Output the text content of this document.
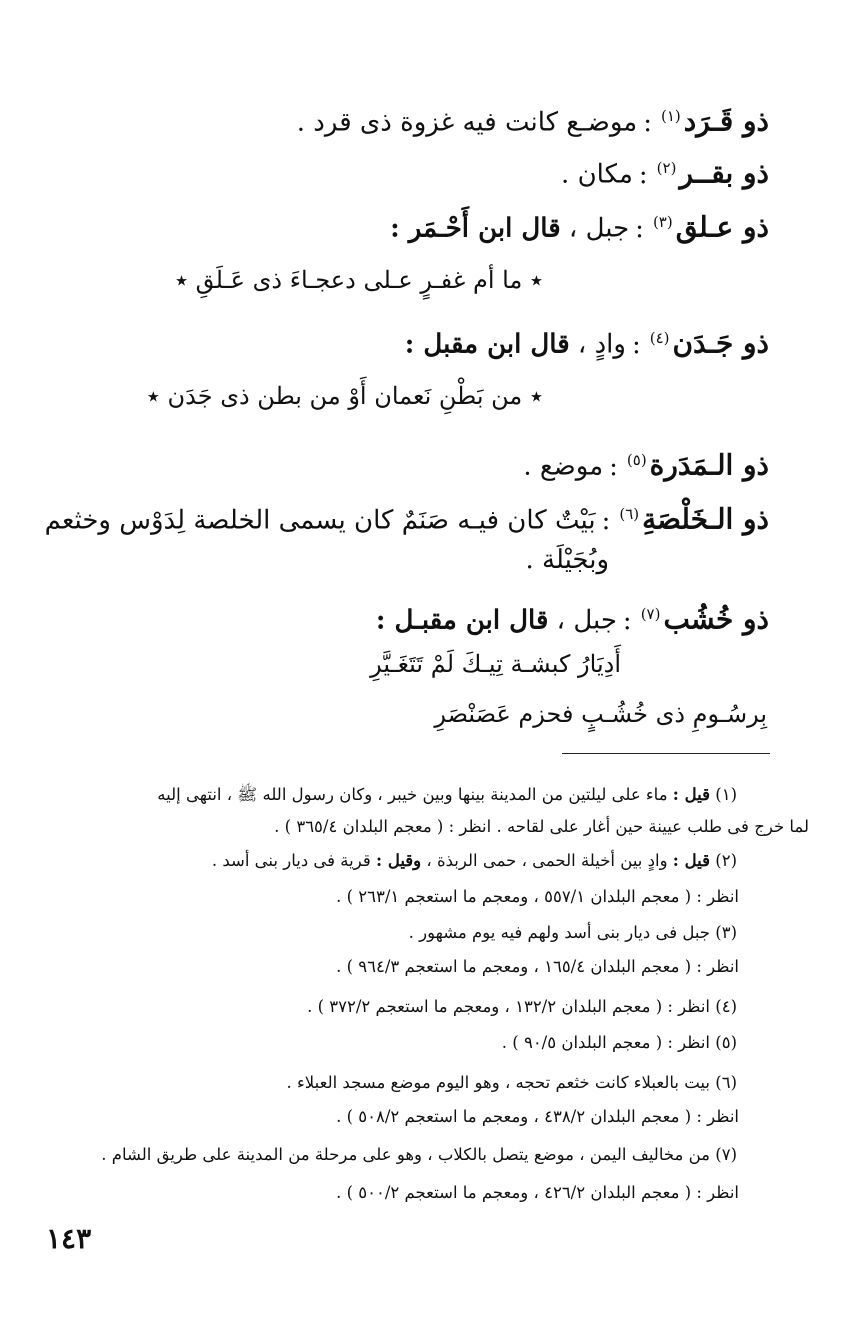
ذو قَـرَد$^{(١)}$:موضـع كانت فيه غزوة ذى قرد .
ذو بقــر$^{(٢)}$:مكان .
ذو عـلق$^{(٣)}$:جبل ، قال ابن أَحْـمَر :
٭ ما أم غفـرٍ عـلى دعجـاءَ ذى عَـلَقِ ٭
ذو جَـدَن$^{(٤)}$:وادٍ ، قال ابن مقبل :
٭ من بَطْنِ نَعمان أَوْ من بطن ذى جَدَن ٭
ذو الـمَدَرة$^{(٥)}$:موضع .
ذو الـخَلْصَةِ$^{(٦)}$:بَيْتٌ كان فيـه صَنَمٌ كان يسمى الخلصة لِدَوْس وخثعم
وبُجَيْلَة .
ذو خُشُب$^{(٧)}$:جبل ، قال ابن مقبـل :
أَدِيَارُ كبشـة تِيـكَ لَمْ تَتَغَـيَّرِ
بِرسُـومِ ذى خُشُـبٍ فحزم عَصَنْصَرِ
(١) قيل : ماء على ليلتين من المدينة بينها وبين خيبر ، وكان رسول الله ﷺ ، انتهى إليه
لما خرج فى طلب عيينة حين أغار على لقاحه . انظر : ( معجم البلدان ٣٦٥/٤ ) .
(٢) قيل : وادٍ بين أخيلة الحمى ، حمى الربذة ، وقيل : قرية فى ديار بنى أسد .
انظر : ( معجم البلدان ٥٥٧/١ ، ومعجم ما استعجم ٢٦٣/١ ) .
(٣) جبل فى ديار بنى أسد ولهم فيه يوم مشهور .
انظر : ( معجم البلدان ١٦٥/٤ ، ومعجم ما استعجم ٩٦٤/٣ ) .
(٤) انظر : ( معجم البلدان ١٣٢/٢ ، ومعجم ما استعجم ٣٧٢/٢ ) .
(٥) انظر : ( معجم البلدان ٩٠/٥ ) .
(٦) بيت بالعبلاء كانت خثعم تحجه ، وهو اليوم موضع مسجد العبلاء .
انظر : ( معجم البلدان ٤٣٨/٢ ، ومعجم ما استعجم ٥٠٨/٢ ) .
(٧) من مخاليف اليمن ، موضع يتصل بالكلاب ، وهو على مرحلة من المدينة على طريق الشام .
انظر : ( معجم البلدان ٤٢٦/٢ ، ومعجم ما استعجم ٥٠٠/٢ ) .
١٤٣
